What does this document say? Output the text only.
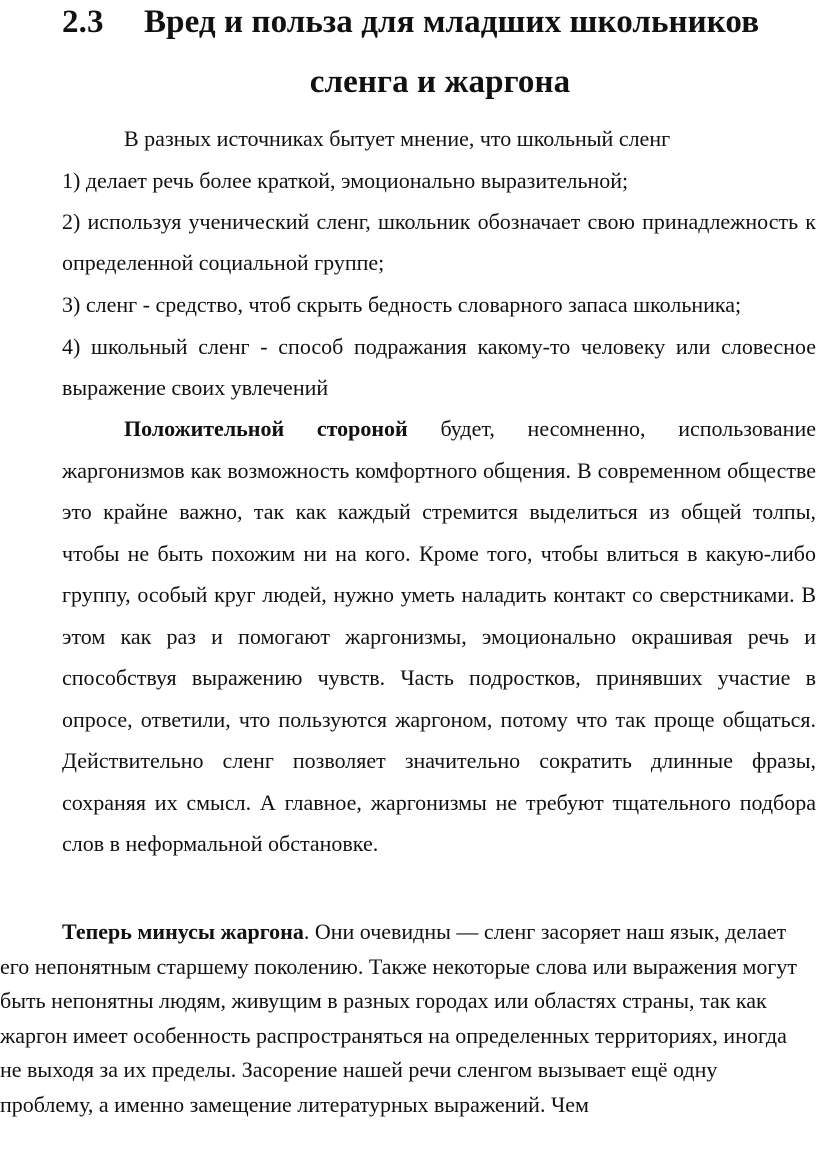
2.3 Вред и польза для младших школьников
сленга и жаргона

В разных источниках бытует мнение, что школьный сленг

1) делает речь более краткой, эмоционально выразительной;

2) используя ученический сленг, школьник обозначает свою принадлежность к определенной социальной группе;

3) сленг - средство, чтоб скрыть бедность словарного запаса школьника;

4) школьный сленг - способ подражания какому-то человеку или словесное выражение своих увлечений

Положительной стороной будет, несомненно, использование жаргонизмов как возможность комфортного общения. В современном обществе это крайне важно, так как каждый стремится выделиться из общей толпы, чтобы не быть похожим ни на кого. Кроме того, чтобы влиться в какую-либо группу, особый круг людей, нужно уметь наладить контакт со сверстниками. В этом как раз и помогают жаргонизмы, эмоционально окрашивая речь и способствуя выражению чувств. Часть подростков, принявших участие в опросе, ответили, что пользуются жаргоном, потому что так проще общаться. Действительно сленг позволяет значительно сократить длинные фразы, сохраняя их смысл. А главное, жаргонизмы не требуют тщательного подбора слов в неформальной обстановке.

Теперь минусы жаргона. Они очевидны — сленг засоряет наш язык, делает его непонятным старшему поколению. Также некоторые слова или выражения могут быть непонятны людям, живущим в разных городах или областях страны, так как жаргон имеет особенность распространяться на определенных территориях, иногда не выходя за их пределы. Засорение нашей речи сленгом вызывает ещё одну проблему, а именно замещение литературных выражений. Чем
